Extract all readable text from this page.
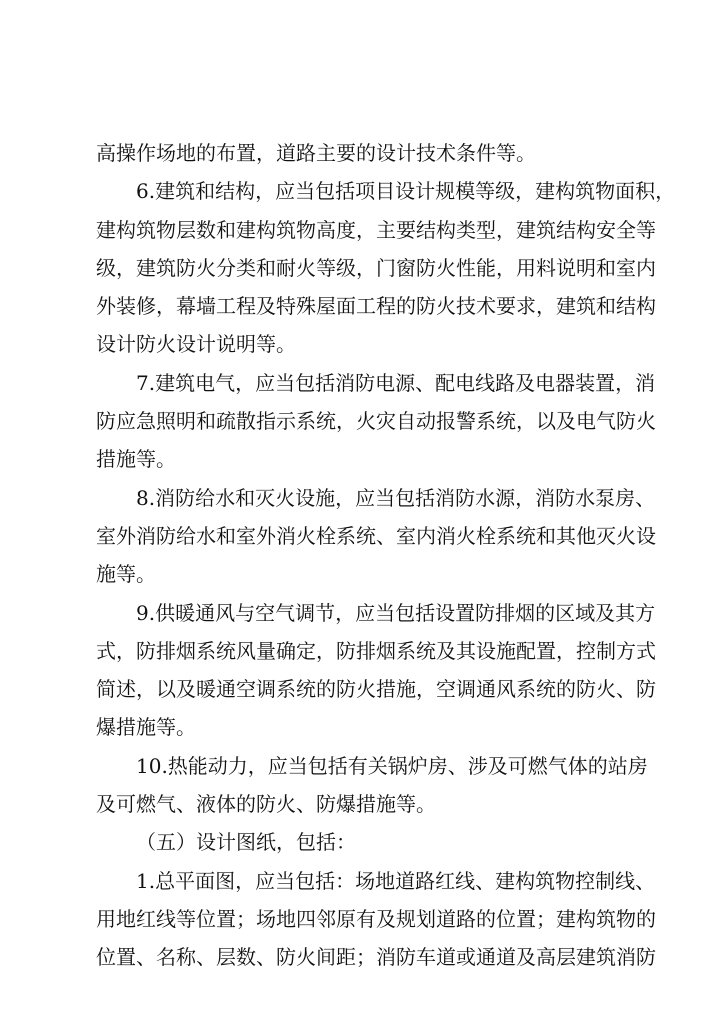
高操作场地的布置，道路主要的设计技术条件等。
6.建筑和结构，应当包括项目设计规模等级，建构筑物面积，
建构筑物层数和建构筑物高度，主要结构类型，建筑结构安全等
级，建筑防火分类和耐火等级，门窗防火性能，用料说明和室内
外装修，幕墙工程及特殊屋面工程的防火技术要求，建筑和结构
设计防火设计说明等。
7.建筑电气，应当包括消防电源、配电线路及电器装置，消
防应急照明和疏散指示系统，火灾自动报警系统，以及电气防火
措施等。
8.消防给水和灭火设施，应当包括消防水源，消防水泵房、
室外消防给水和室外消火栓系统、室内消火栓系统和其他灭火设
施等。
9.供暖通风与空气调节，应当包括设置防排烟的区域及其方
式，防排烟系统风量确定，防排烟系统及其设施配置，控制方式
简述，以及暖通空调系统的防火措施，空调通风系统的防火、防
爆措施等。
10.热能动力，应当包括有关锅炉房、涉及可燃气体的站房
及可燃气、液体的防火、防爆措施等。
（五）设计图纸，包括：
1.总平面图，应当包括：场地道路红线、建构筑物控制线、
用地红线等位置；场地四邻原有及规划道路的位置；建构筑物的
位置、名称、层数、防火间距；消防车道或通道及高层建筑消防
